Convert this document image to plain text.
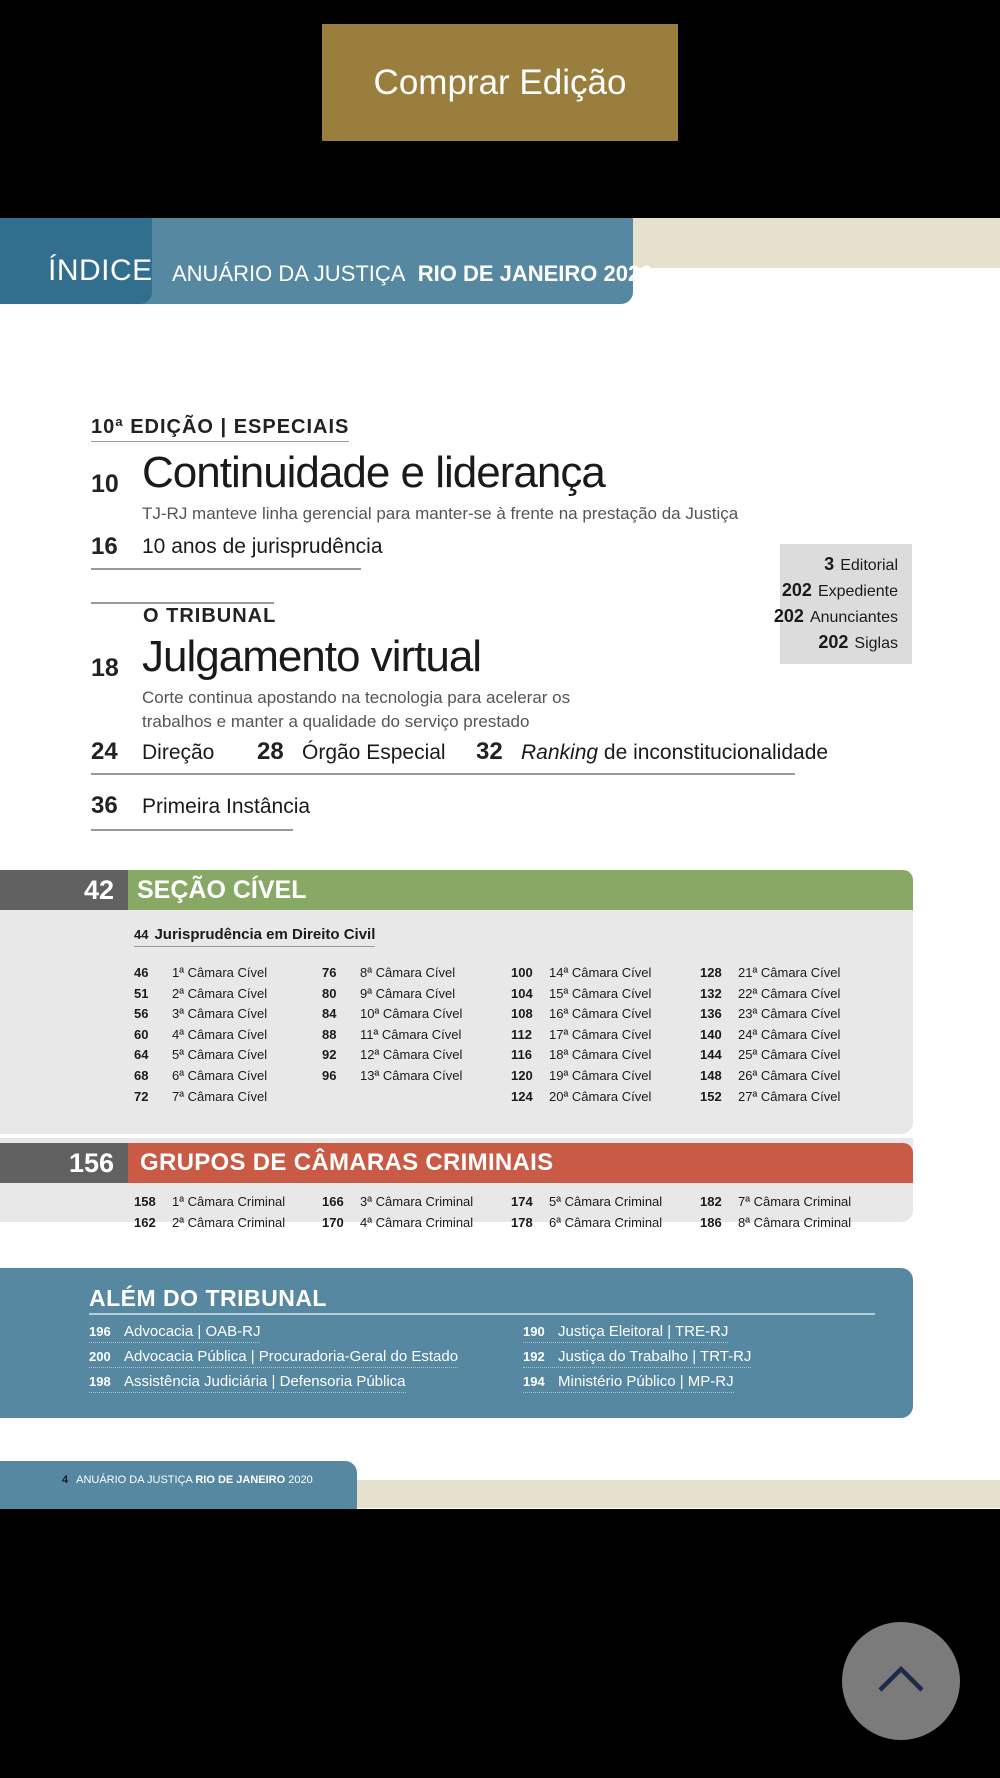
Comprar Edição
ÍNDICE ANUÁRIO DA JUSTIÇA RIO DE JANEIRO 2020
10ª EDIÇÃO | ESPECIAIS
10 Continuidade e liderança
TJ-RJ manteve linha gerencial para manter-se à frente na prestação da Justiça
16 10 anos de jurisprudência
3 Editorial
202 Expediente
202 Anunciantes
202 Siglas
O TRIBUNAL
18 Julgamento virtual
Corte continua apostando na tecnologia para acelerar os
trabalhos e manter a qualidade do serviço prestado
24 Direção 28 Órgão Especial 32 Ranking de inconstitucionalidade
36 Primeira Instância
42 SEÇÃO CÍVEL
44 Jurisprudência em Direito Civil
46 1ª Câmara Cível
51 2ª Câmara Cível
56 3ª Câmara Cível
60 4ª Câmara Cível
64 5ª Câmara Cível
68 6ª Câmara Cível
72 7ª Câmara Cível
76 8ª Câmara Cível
80 9ª Câmara Cível
84 10ª Câmara Cível
88 11ª Câmara Cível
92 12ª Câmara Cível
96 13ª Câmara Cível
100 14ª Câmara Cível
104 15ª Câmara Cível
108 16ª Câmara Cível
112 17ª Câmara Cível
116 18ª Câmara Cível
120 19ª Câmara Cível
124 20ª Câmara Cível
128 21ª Câmara Cível
132 22ª Câmara Cível
136 23ª Câmara Cível
140 24ª Câmara Cível
144 25ª Câmara Cível
148 26ª Câmara Cível
152 27ª Câmara Cível
156	GRUPOS DE CÂMARAS CRIMINAIS
158 1ª Câmara Criminal
162 2ª Câmara Criminal
166 3ª Câmara Criminal
170 4ª Câmara Criminal
174 5ª Câmara Criminal
178 6ª Câmara Criminal
182 7ª Câmara Criminal
186 8ª Câmara Criminal
ALÉM DO TRIBUNAL
196 Advocacia | OAB-RJ
200 Advocacia Pública | Procuradoria-Geral do Estado
198 Assistência Judiciária | Defensoria Pública
190 Justiça Eleitoral | TRE-RJ
192 Justiça do Trabalho | TRT-RJ
194 Ministério Público | MP-RJ
4 ANUÁRIO DA JUSTIÇA RIO DE JANEIRO 2020
